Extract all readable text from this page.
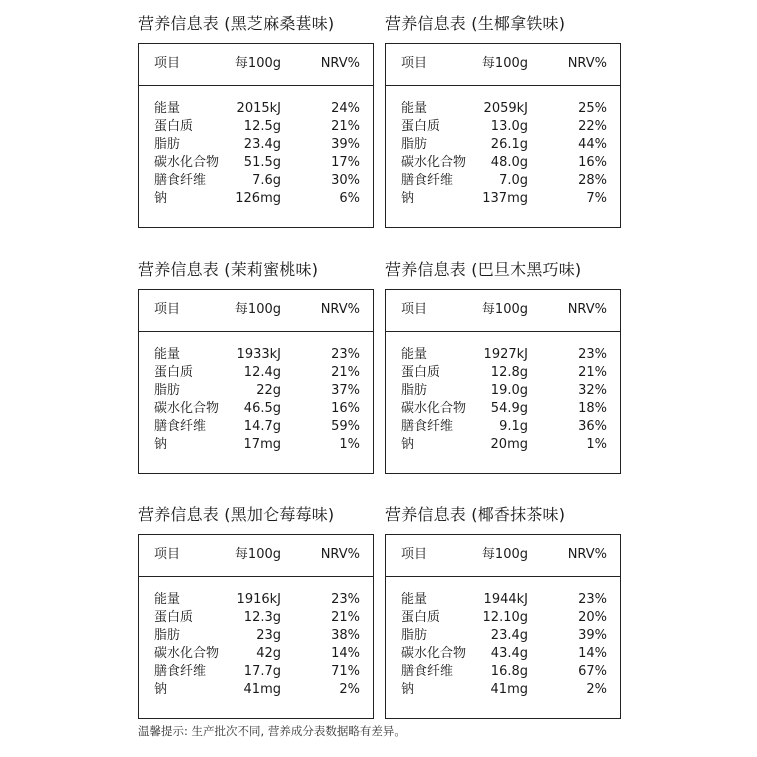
营养信息表 (黑芝麻桑葚味)
项目	每100g	NRV%
能量	2015kJ	24%
蛋白质	12.5g	21%
脂肪	23.4g	39%
碳水化合物 51.5g	17%
膳食纤维	7.6g	30%
钠	126mg	6%
营养信息表 (生椰拿铁味)
项目	每100g	NRV%
能量	2059kJ	25%
蛋白质	13.0g	22%
脂肪	26.1g	44%
碳水化合物 48.0g	16%
膳食纤维	7.0g	28%
钠	137mg	7%
营养信息表 (茉莉蜜桃味)
项目	每100g	NRV%
能量	1933kJ	23%
蛋白质	12.4g	21%
脂肪	22g	37%
碳水化合物 46.5g	16%
膳食纤维	14.7g	59%
钠	17mg	1%
营养信息表 (巴旦木黑巧味)
项目	每100g	NRV%
能量	1927kJ	23%
蛋白质	12.8g	21%
脂肪	19.0g	32%
碳水化合物 54.9g	18%
膳食纤维	9.1g	36%
钠	20mg	1%
营养信息表 (黑加仑莓莓味)
项目	每100g	NRV%
能量	1916kJ	23%
蛋白质	12.3g	21%
脂肪	23g	38%
碳水化合物	42g	14%
膳食纤维	17.7g	71%
钠	41mg	2%
营养信息表 (椰香抹茶味)
项目	每100g	NRV%
能量	1944kJ	23%
蛋白质	12.10g	20%
脂肪	23.4g	39%
碳水化合物 43.4g	14%
膳食纤维	16.8g	67%
钠	41mg	2%
温馨提示: 生产批次不同, 营养成分表数据略有差异。
